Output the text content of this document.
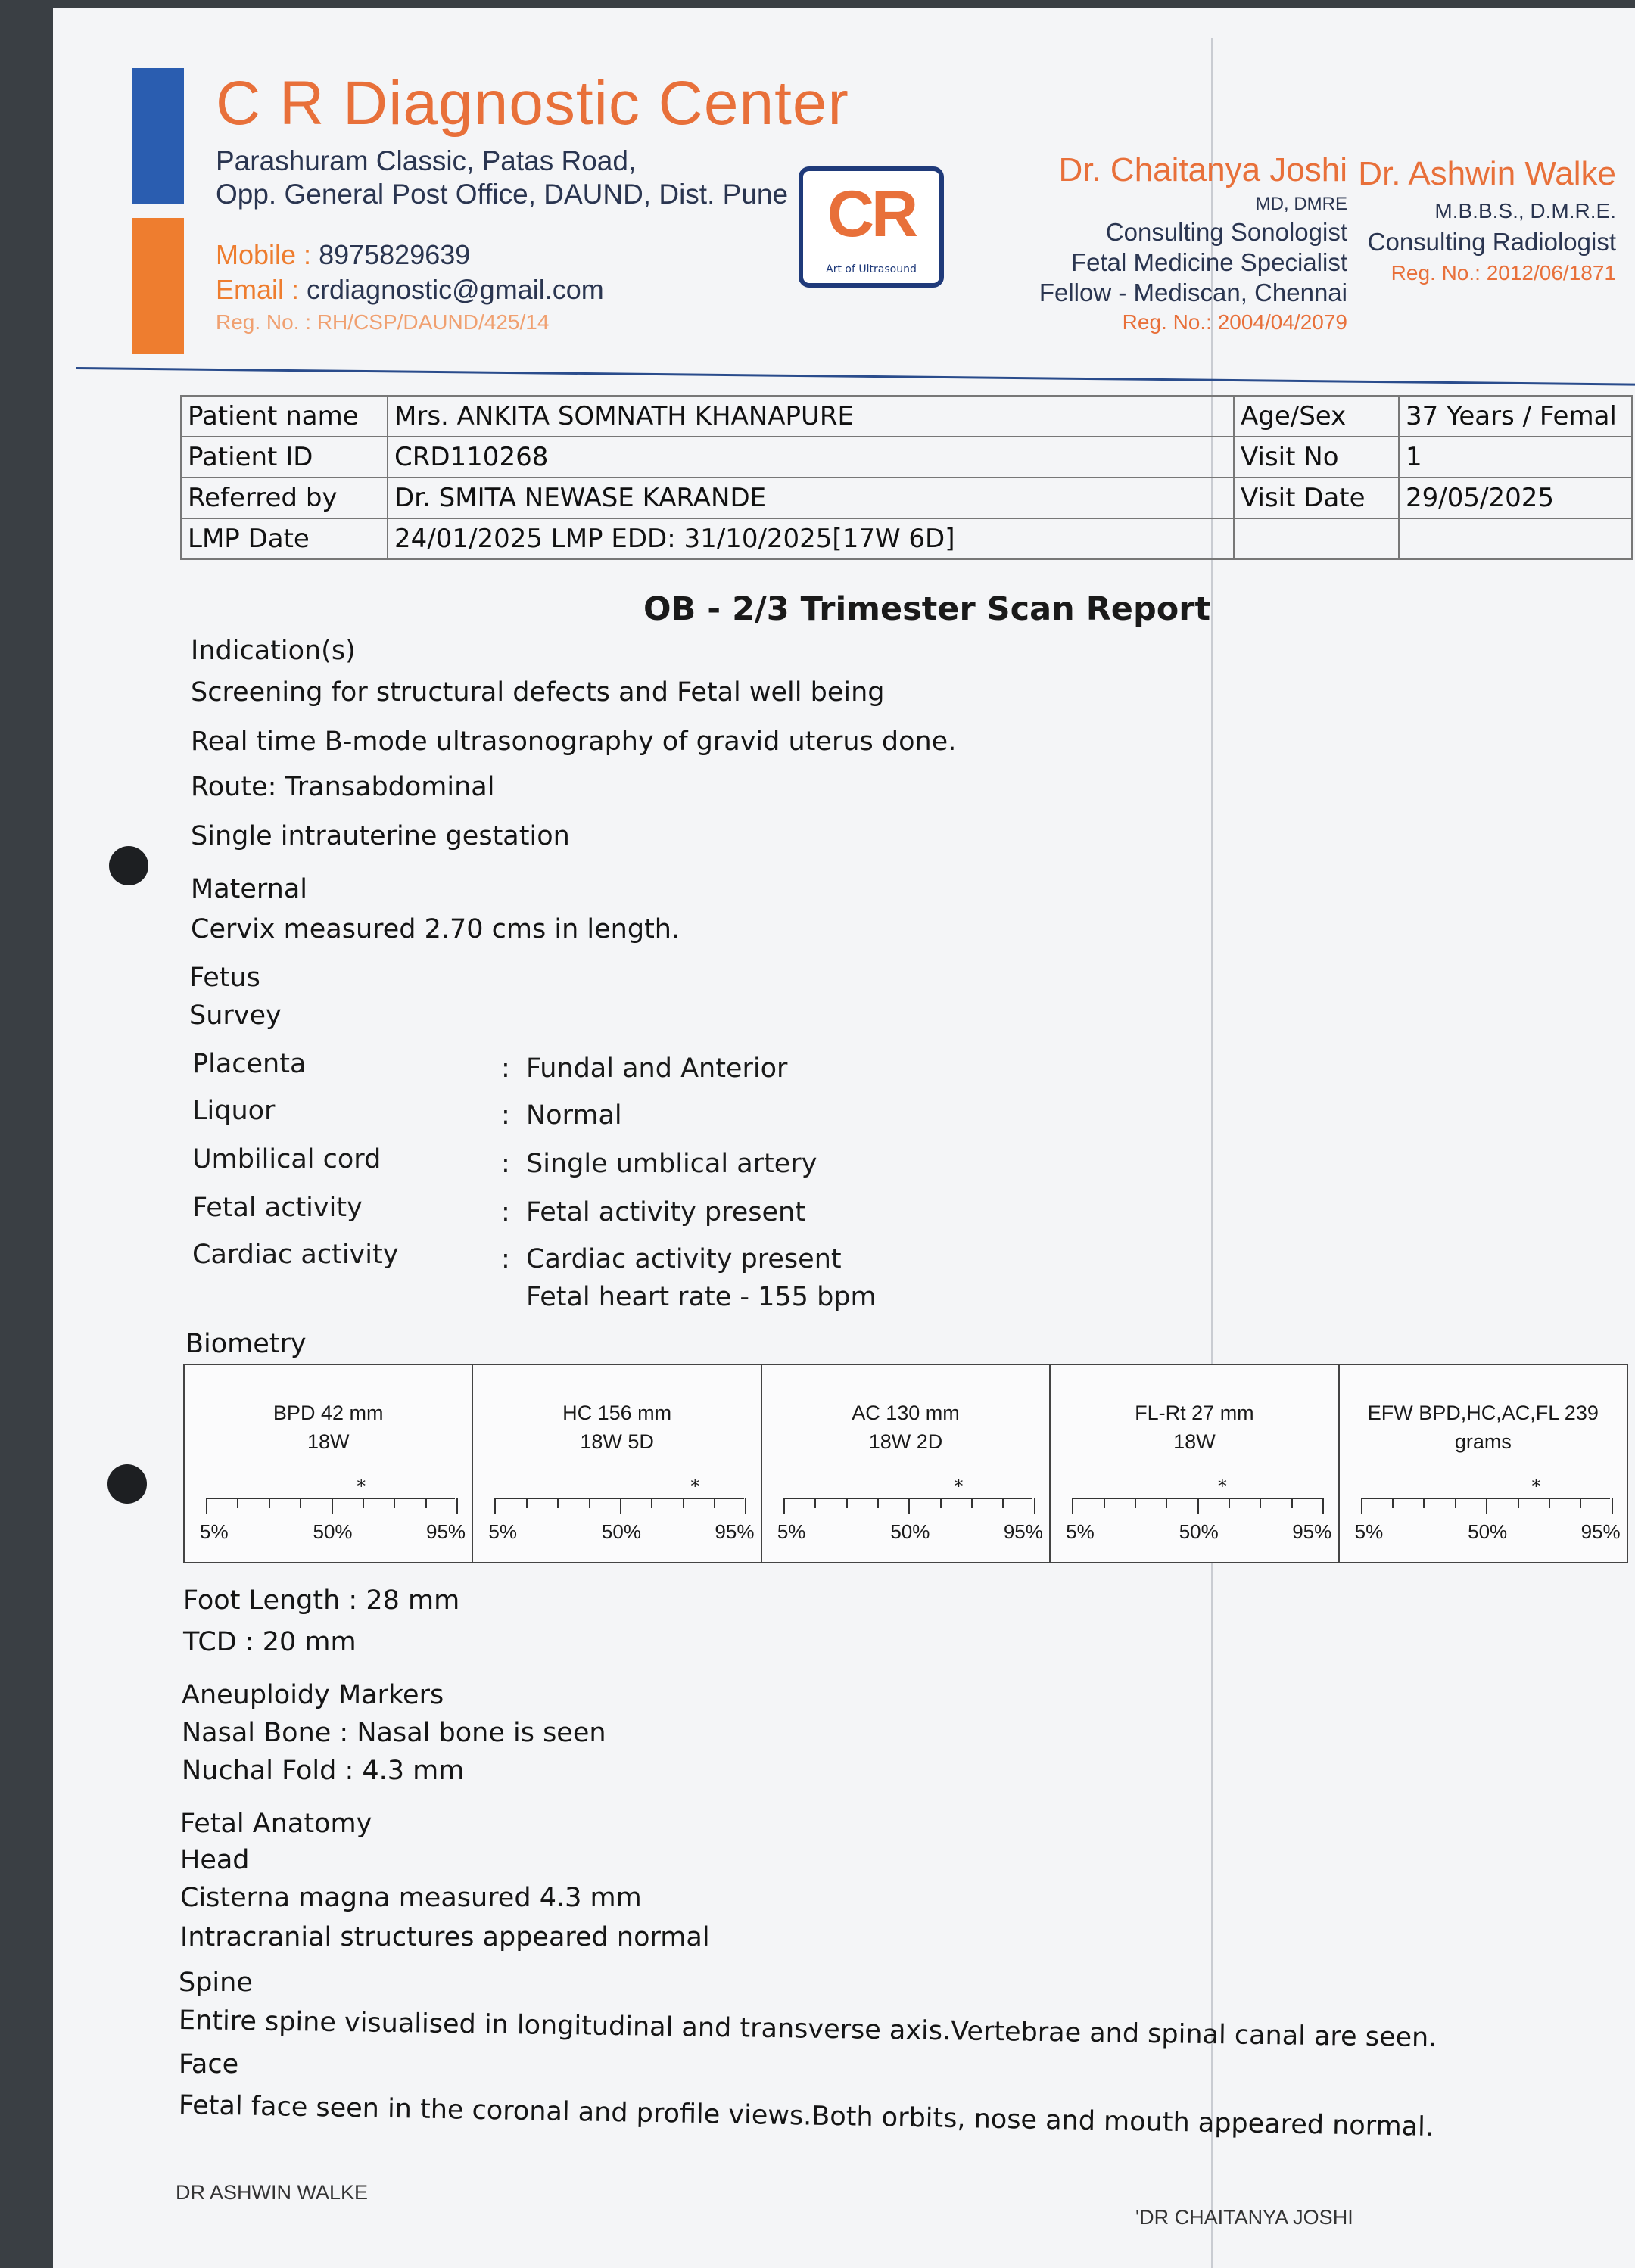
C R Diagnostic Center
Parashuram Classic, Patas Road,
Opp. General Post Office, DAUND, Dist. Pune
Mobile : 8975829639
Email : crdiagnostic@gmail.com
Reg. No. : RH/CSP/DAUND/425/14
CR
Art of Ultrasound
Dr. Chaitanya Joshi
MD, DMRE
Consulting Sonologist
Fetal Medicine Specialist
Fellow - Mediscan, Chennai
Reg. No.: 2004/04/2079
Dr. Ashwin Walke
M.B.B.S., D.M.R.E.
Consulting Radiologist
Reg. No.: 2012/06/1871
Patient name	Mrs. ANKITA SOMNATH KHANAPURE	Age/Sex	37 Years / Femal
Patient ID	CRD110268	Visit No	1
Referred by	Dr. SMITA NEWASE KARANDE	Visit Date	29/05/2025
LMP Date	24/01/2025 LMP EDD: 31/10/2025[17W 6D]		
OB - 2/3 Trimester Scan Report
Indication(s)
Screening for structural defects and Fetal well being
Real time B-mode ultrasonography of gravid uterus done.
Route: Transabdominal
Single intrauterine gestation
Maternal
Cervix measured 2.70 cms in length.
Fetus
Survey
Placenta	: Fundal and Anterior
Liquor	: Normal
Umbilical cord	: Single umblical artery
Fetal activity	: Fetal activity present
Cardiac activity	: Cardiac activity present
Fetal heart rate - 155 bpm
Biometry
BPD 42 mm
18W
*
5%	50%	95%
HC 156 mm
18W 5D
*
5%	50%	95%
AC 130 mm
18W 2D
*
5%	50%	95%
FL-Rt 27 mm
18W
*
5%	50%	95%
EFW BPD,HC,AC,FL 239
grams
*
5%	50%	95%
Foot Length : 28 mm
TCD : 20 mm
Aneuploidy Markers
Nasal Bone : Nasal bone is seen
Nuchal Fold : 4.3 mm
Fetal Anatomy
Head
Cisterna magna measured 4.3 mm
Intracranial structures appeared normal
Spine
Entire spine visualised in longitudinal and transverse axis.Vertebrae and spinal canal are seen.
Face
Fetal face seen in the coronal and profile views.Both orbits, nose and mouth appeared normal.
DR ASHWIN WALKE
'DR CHAITANYA JOSHI
